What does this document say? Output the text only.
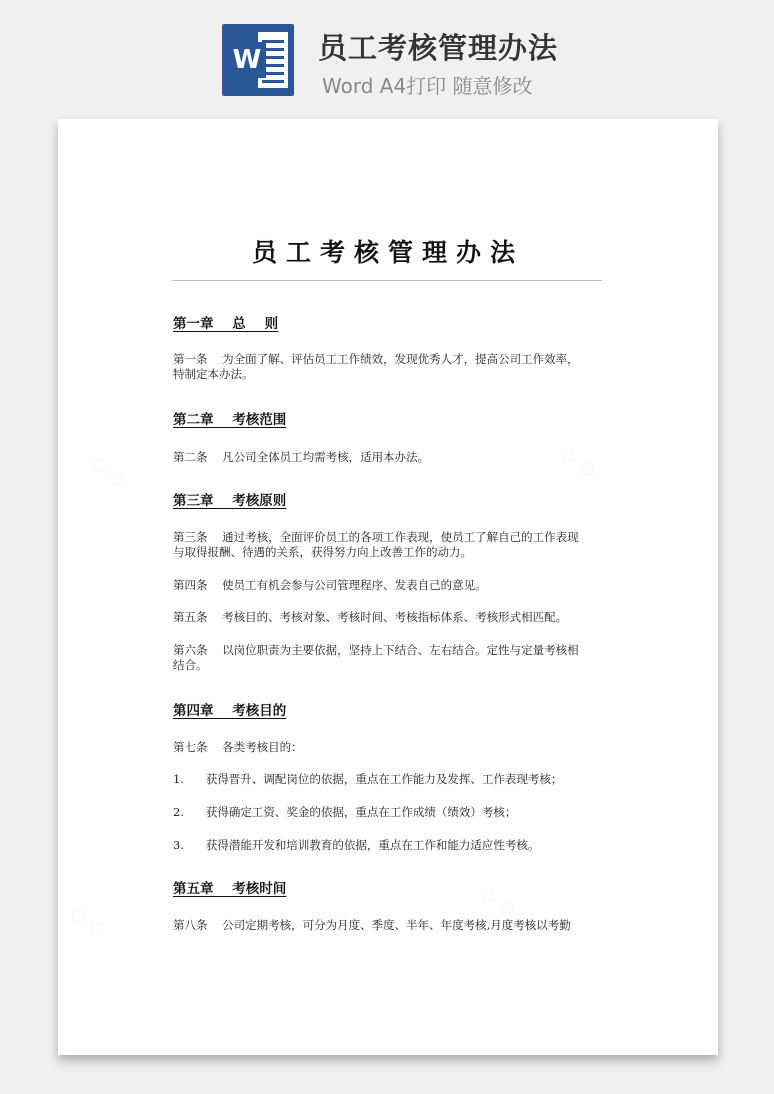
W 员工考核管理办法
Word A4打印 随意修改
员工考核管理办法
第一章    总    则
第一条    为全面了解、评估员工工作绩效，发现优秀人才，提高公司工作效率，
特制定本办法。
第二章    考核范围
第二条    凡公司全体员工均需考核，适用本办法。
第三章    考核原则
第三条    通过考核，全面评价员工的各项工作表现，使员工了解自己的工作表现
与取得报酬、待遇的关系，获得努力向上改善工作的动力。
第四条    使员工有机会参与公司管理程序、发表自己的意见。
第五条    考核目的、考核对象、考核时间、考核指标体系、考核形式相匹配。
第六条    以岗位职责为主要依据，坚持上下结合、左右结合。定性与定量考核相
结合。
第四章    考核目的
第七条    各类考核目的：
1.      获得晋升、调配岗位的依据，重点在工作能力及发挥、工作表现考核；
2.      获得确定工资、奖金的依据，重点在工作成绩（绩效）考核；
3.      获得潜能开发和培训教育的依据，重点在工作和能力适应性考核。
第五章    考核时间
第八条    公司定期考核，可分为月度、季度、半年、年度考核,月度考核以考勤
◇ ◇	◇ ◇
◇ ◇	◇ ◇
